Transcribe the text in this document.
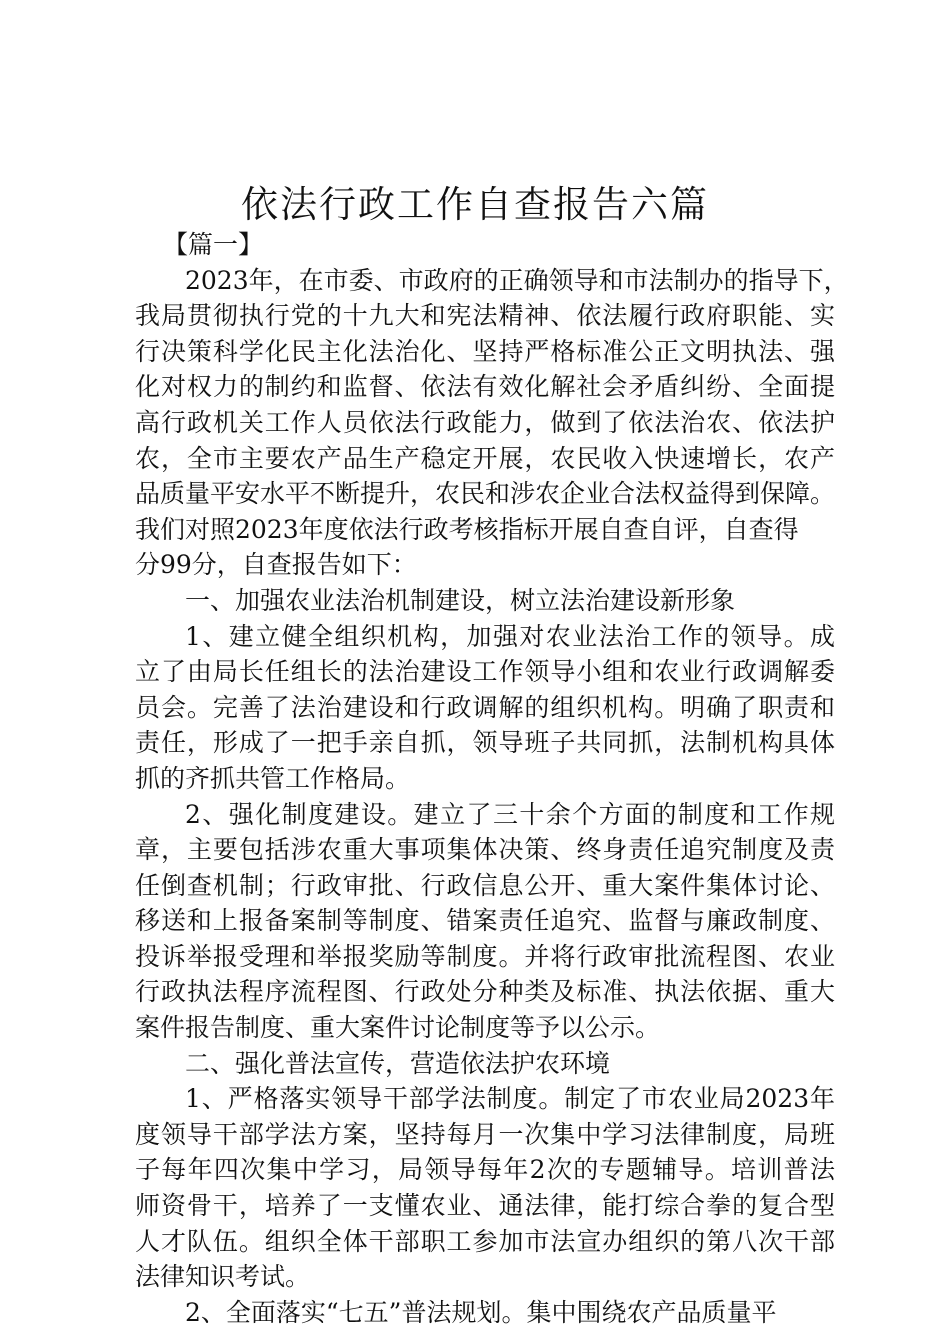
依法行政工作自查报告六篇
【篇一】
2023年，在市委、市政府的正确领导和市法制办的指导下，
我局贯彻执行党的十九大和宪法精神、依法履行政府职能、实
行决策科学化民主化法治化、坚持严格标准公正文明执法、强
化对权力的制约和监督、依法有效化解社会矛盾纠纷、全面提
高行政机关工作人员依法行政能力，做到了依法治农、依法护
农，全市主要农产品生产稳定开展，农民收入快速增长，农产
品质量平安水平不断提升，农民和涉农企业合法权益得到保障。
我们对照2023年度依法行政考核指标开展自查自评，自查得
分99分，自查报告如下：
一、加强农业法治机制建设，树立法治建设新形象
1、建立健全组织机构，加强对农业法治工作的领导。成
立了由局长任组长的法治建设工作领导小组和农业行政调解委
员会。完善了法治建设和行政调解的组织机构。明确了职责和
责任，形成了一把手亲自抓，领导班子共同抓，法制机构具体
抓的齐抓共管工作格局。
2、强化制度建设。建立了三十余个方面的制度和工作规
章，主要包括涉农重大事项集体决策、终身责任追究制度及责
任倒查机制；行政审批、行政信息公开、重大案件集体讨论、
移送和上报备案制等制度、错案责任追究、监督与廉政制度、
投诉举报受理和举报奖励等制度。并将行政审批流程图、农业
行政执法程序流程图、行政处分种类及标准、执法依据、重大
案件报告制度、重大案件讨论制度等予以公示。
二、强化普法宣传，营造依法护农环境
1、严格落实领导干部学法制度。制定了市农业局2023年
度领导干部学法方案，坚持每月一次集中学习法律制度，局班
子每年四次集中学习，局领导每年2次的专题辅导。培训普法
师资骨干，培养了一支懂农业、通法律，能打综合拳的复合型
人才队伍。组织全体干部职工参加市法宣办组织的第八次干部
法律知识考试。
2、全面落实“七五”普法规划。集中围绕农产品质量平
